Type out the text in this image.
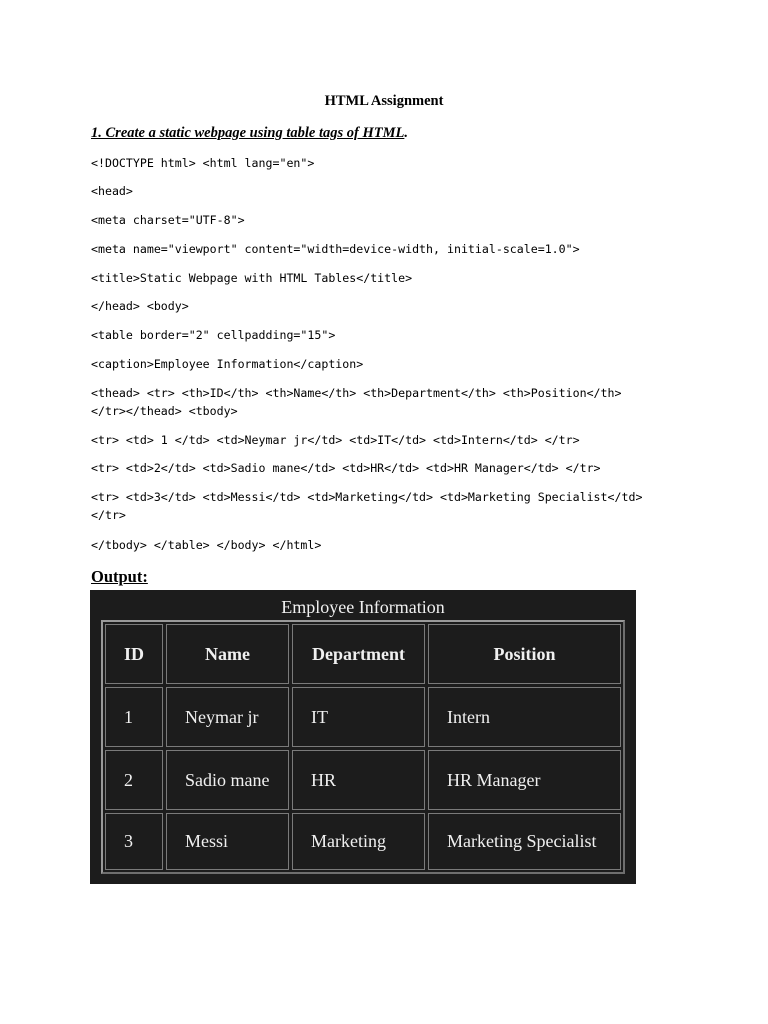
HTML Assignment
1. Create a static webpage using table tags of HTML.
<!DOCTYPE html> <html lang="en">
<head>
<meta charset="UTF-8">
<meta name="viewport" content="width=device-width, initial-scale=1.0">
<title>Static Webpage with HTML Tables</title>
</head> <body>
<table border="2" cellpadding="15">
<caption>Employee Information</caption>
<thead> <tr> <th>ID</th> <th>Name</th> <th>Department</th> <th>Position</th>
</tr></thead> <tbody>
<tr> <td> 1 </td> <td>Neymar jr</td> <td>IT</td> <td>Intern</td> </tr>
<tr> <td>2</td> <td>Sadio mane</td> <td>HR</td> <td>HR Manager</td> </tr>
<tr> <td>3</td> <td>Messi</td> <td>Marketing</td> <td>Marketing Specialist</td>
</tr>
</tbody> </table> </body> </html>
Output:
Employee Information
ID	Name	Department	Position
1	Neymar jr	IT	Intern
2	Sadio mane	HR	HR Manager
3	Messi	Marketing	Marketing Specialist
